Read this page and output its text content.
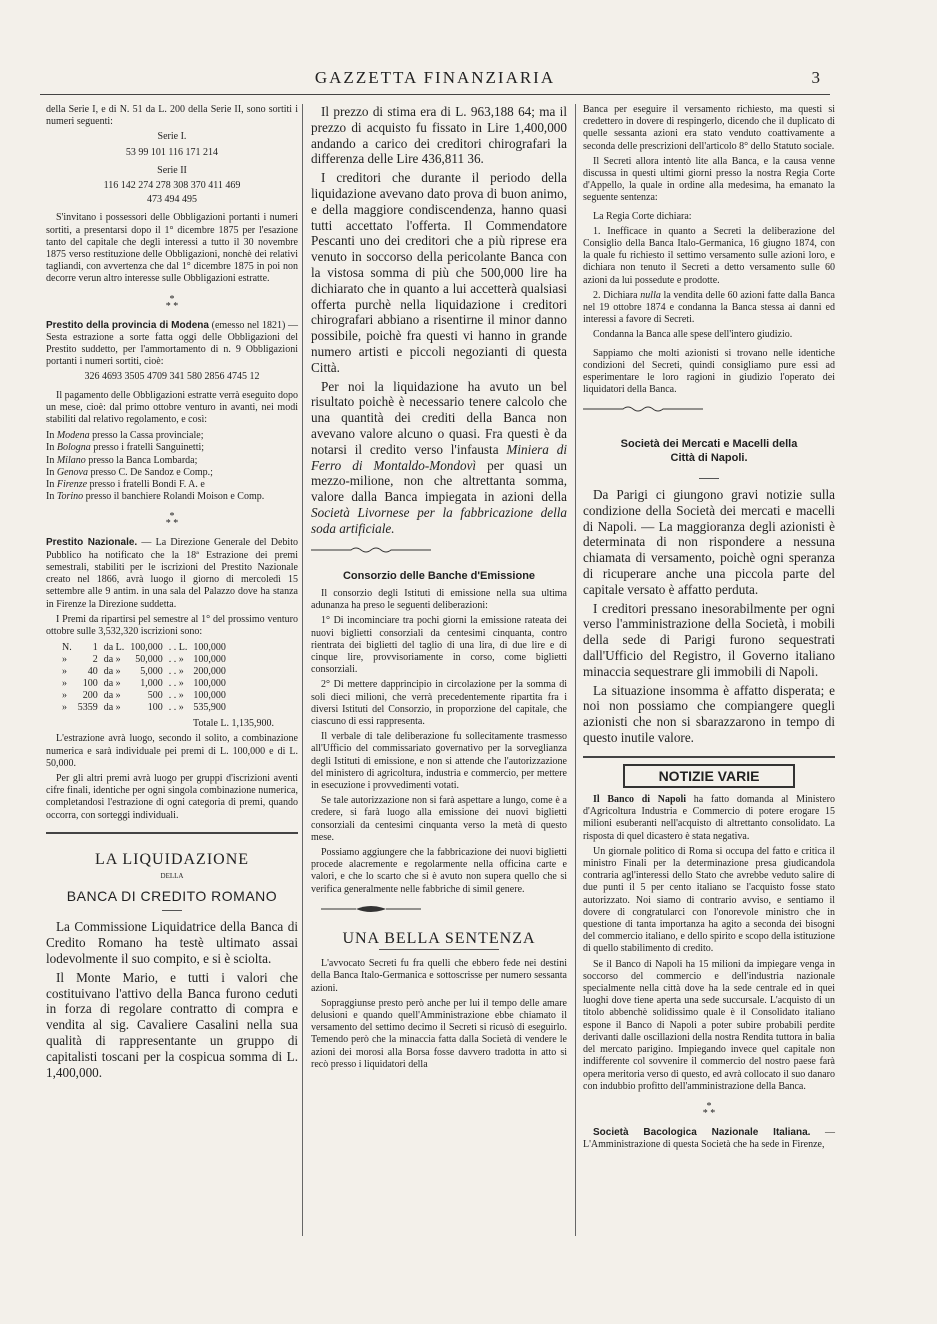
GAZZETTA FINANZIARIA	3

della Serie I, e di N. 51 da L. 200 della Serie II, sono sortiti i numeri seguenti:

Serie I.

53 99 101 116 171 214

Serie II

116 142 274 278 308 370 411 469

473 494 495

S'invitano i possessori delle Obbligazioni portanti i numeri sortiti, a presentarsi dopo il 1° dicembre 1875 per l'esazione tanto del capitale che degli interessi a tutto il 30 novembre 1875 verso restituzione delle Obbligazioni, nonchè dei relativi tagliandi, con avvertenza che dal 1° dicembre 1875 in poi non decorre verun altro interesse sulle Obbligazioni estratte.

*
* *

Prestito della provincia di Modena (emesso nel 1821) — Sesta estrazione a sorte fatta oggi delle Obbligazioni del Prestito suddetto, per l'ammortamento di n. 9 Obbligazioni portanti i numeri sortiti, cioè:

326 4693 3505 4709 341 580 2856 4745 12

Il pagamento delle Obbligazioni estratte verrà eseguito dopo un mese, cioè: dal primo ottobre venturo in avanti, nei modi stabiliti dal relativo regolamento, e così:

In Modena presso la Cassa provinciale;
In Bologna presso i fratelli Sanguinetti;
In Milano presso la Banca Lombarda;
In Genova presso C. De Sandoz e Comp.;
In Firenze presso i fratelli Bondi F. A. e
In Torino presso il banchiere Rolandi Moison e Comp.

*
* *

Prestito Nazionale. — La Direzione Generale del Debito Pubblico ha notificato che la 18ª Estrazione dei premi semestrali, stabiliti per le iscrizioni del Prestito Nazionale creato nel 1866, avrà luogo il giorno di mercoledì 15 settembre alle 9 antim. in una sala del Palazzo dove ha stanza in Firenze la Direzione suddetta.

I Premi da ripartirsi pel semestre al 1° del prossimo venturo ottobre sulle 3,532,320 iscrizioni sono:

N.	1	da L.	100,000	. . L.	100,000
»	2	da »	50,000	. . »	100,000
»	40	da »	5,000	. . »	200,000
»	100	da »	1,000	. . »	100,000
»	200	da »	500	. . »	100,000
»	5359	da »	100	. . »	535,900

Totale L. 1,135,900.

L'estrazione avrà luogo, secondo il solito, a combinazione numerica e sarà individuale pei premi di L. 100,000 e di L. 50,000.

Per gli altri premi avrà luogo per gruppi d'iscrizioni aventi cifre finali, identiche per ogni singola combinazione numerica, completandosi l'estrazione di ogni categoria di premi, quando occorra, con sorteggi individuali.

LA LIQUIDAZIONE

DELLA

BANCA DI CREDITO ROMANO

La Commissione Liquidatrice della Banca di Credito Romano ha testè ultimato assai lodevolmente il suo compito, e si è sciolta.

Il Monte Mario, e tutti i valori che costituivano l'attivo della Banca furono ceduti in forza di regolare contratto di compra e vendita al sig. Cavaliere Casalini nella sua qualità di rappresentante un gruppo di capitalisti toscani per la cospicua somma di L. 1,400,000.

Il prezzo di stima era di L. 963,188 64; ma il prezzo di acquisto fu fissato in Lire 1,400,000 andando a carico dei creditori chirografari la differenza delle Lire 436,811 36.

I creditori che durante il periodo della liquidazione avevano dato prova di buon animo, e della maggiore condiscendenza, hanno quasi tutti accettato l'offerta. Il Commendatore Pescanti uno dei creditori che a più riprese era venuto in soccorso della pericolante Banca con la vistosa somma di più che 500,000 lire ha dichiarato che in quanto a lui accetterà qualsiasi offerta purchè nella liquidazione i creditori chirografari abbiano a risentirne il minor danno possibile, poichè fra questi vi hanno in grande numero artisti e piccoli negozianti di questa Città.

Per noi la liquidazione ha avuto un bel risultato poichè è necessario tenere calcolo che una quantità dei crediti della Banca non avevano valore alcuno o quasi. Fra questi è da notarsi il credito verso l'infausta Miniera di Ferro di Montaldo-Mondovì per quasi un mezzo-milione, non che altrettanta somma, valore dalla Banca impiegata in azioni della Società Livornese per la fabbricazione della soda artificiale.

Consorzio delle Banche d'Emissione

Il consorzio degli Istituti di emissione nella sua ultima adunanza ha preso le seguenti deliberazioni:

1° Di incominciare tra pochi giorni la emissione rateata dei nuovi biglietti consorziali da centesimi cinquanta, contro rientrata dei biglietti del taglio di una lira, di due lire e di cinque lire, provvisoriamente in corso, come biglietti consorziali.

2° Di mettere dapprincipio in circolazione per la somma di soli dieci milioni, che verrà precedentemente ripartita fra i diversi Istituti del Consorzio, in proporzione del capitale, che ciascuno di essi rappresenta.

Il verbale di tale deliberazione fu sollecitamente trasmesso all'Ufficio del commissariato governativo per la sorveglianza degli Istituti di emissione, e non si attende che l'autorizzazione del ministero di agricoltura, industria e commercio, per mettere in esecuzione i provvedimenti votati.

Se tale autorizzazione non si farà aspettare a lungo, come è a credere, si farà luogo alla emissione dei nuovi biglietti consorziali da centesimi cinquanta verso la metà di questo mese.

Possiamo aggiungere che la fabbricazione dei nuovi biglietti procede alacremente e regolarmente nella officina carte e valori, e che lo scarto che si è avuto non supera quello che si verifica generalmente nelle fabbriche di simil genere.

UNA BELLA SENTENZA

L'avvocato Secreti fu fra quelli che ebbero fede nei destini della Banca Italo-Germanica e sottoscrisse per numero sessanta azioni.

Sopraggiunse presto però anche per lui il tempo delle amare delusioni e quando quell'Amministrazione ebbe chiamato il versamento del settimo decimo il Secreti si ricusò di eseguirlo. Temendo però che la minaccia fatta dalla Società di vendere le azioni dei morosi alla Borsa fosse davvero tradotta in atto si recò presso i liquidatori della

Banca per eseguire il versamento richiesto, ma questi si credettero in dovere di respingerlo, dicendo che il duplicato di quelle sessanta azioni era stato venduto coattivamente a seconda delle prescrizioni dell'articolo 8° dello Statuto sociale.

Il Secreti allora intentò lite alla Banca, e la causa venne discussa in questi ultimi giorni presso la nostra Regia Corte d'Appello, la quale in ordine alla medesima, ha emanato la seguente sentenza:

La Regia Corte dichiara:

1. Inefficace in quanto a Secreti la deliberazione del Consiglio della Banca Italo-Germanica, 16 giugno 1874, con la quale fu richiesto il settimo versamento sulle azioni loro, e dichiara non tenuto il Secreti a detto versamento sulle 60 azioni da lui possedute e prodotte.

2. Dichiara nulla la vendita delle 60 azioni fatte dalla Banca nel 19 ottobre 1874 e condanna la Banca stessa ai danni ed interessi a favore di Secreti.

Condanna la Banca alle spese dell'intero giudizio.

Sappiamo che molti azionisti si trovano nelle identiche condizioni del Secreti, quindi consigliamo pure essi ad esperimentare le loro ragioni in giudizio l'operato dei liquidatori della Banca.

Società dei Mercati e Macelli della

Città di Napoli.

Da Parigi ci giungono gravi notizie sulla condizione della Società dei mercati e macelli di Napoli. — La maggioranza degli azionisti è determinata di non rispondere a nessuna chiamata di versamento, poichè ogni speranza di ricuperare anche una piccola parte del capitale versato è affatto perduta.

I creditori pressano inesorabilmente per ogni verso l'amministrazione della Società, i mobili della sede di Parigi furono sequestrati dall'Ufficio del Registro, il Governo italiano minaccia sequestrare gli immobili di Napoli.

La situazione insomma è affatto disperata; e noi non possiamo che compiangere quegli azionisti che non si sbarazzarono in tempo di questo inutile valore.

NOTIZIE VARIE

Il Banco di Napoli ha fatto domanda al Ministero d'Agricoltura Industria e Commercio di potere erogare 15 milioni esuberanti nell'acquisto di altrettanto consolidato. La risposta di quel dicastero è stata negativa.

Un giornale politico di Roma si occupa del fatto e critica il ministro Finali per la determinazione presa giudicandola contraria agl'interessi dello Stato che avrebbe veduto salire di due punti il 5 per cento italiano se l'acquisto fosse stato autorizzato. Noi siamo di contrario avviso, e sentiamo il dovere di congratularci con l'onorevole ministro che in questione di tanta importanza ha agito a seconda dei bisogni del commercio italiano, e dello spirito e scopo della istituzione di quello stabilimento di credito.

Se il Banco di Napoli ha 15 milioni da impiegare venga in soccorso del commercio e dell'industria nazionale specialmente nella città dove ha la sede centrale ed in quei luoghi dove tiene aperta una sede succursale. L'acquisto di un titolo abbenchè solidissimo quale è il Consolidato italiano espone il Banco di Napoli a poter subire probabili perdite derivanti dalle oscillazioni della nostra Rendita tuttora in balia del mercato parigino. Impiegando invece quel capitale non indifferente col sovvenire il commercio del nostro paese farà opera meritoria verso di questo, ed avrà collocato il suo danaro con indubbio profitto dell'amministrazione della Banca.

*
* *

Società Bacologica Nazionale Italiana. — L'Amministrazione di questa Società che ha sede in Firenze,
